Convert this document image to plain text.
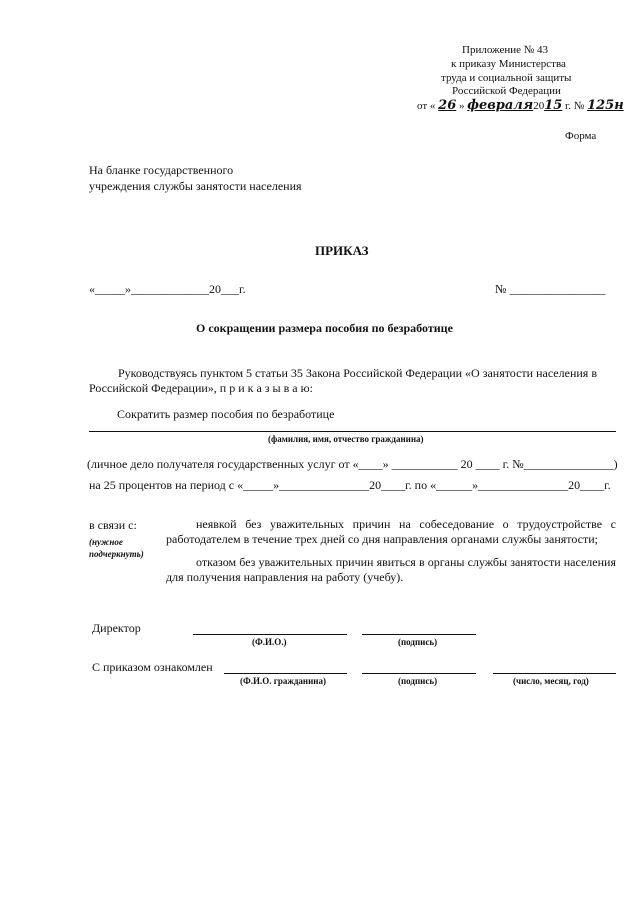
Приложение № 43
к приказу Министерства
труда и социальной защиты
Российской Федерации
от « 26 » февраля2015 г. № 125н
Форма
На бланке государственного
учреждения службы занятости населения
ПРИКАЗ
«_____»_____________20___г.	№ ________________
О сокращении размера пособия по безработице
Руководствуясь пунктом 5 статьи 35 Закона Российской Федерации «О занятости населения в
Российской Федерации», п р и к а з ы в а ю:
Сократить размер пособия по безработице
(фамилия, имя, отчество гражданина)
(личное дело получателя государственных услуг от «____» ___________ 20 ____ г. №_______________)
на 25 процентов на период с «_____»_______________20____г. по «______»_______________20____г.
в связи с:
(нужное
подчеркнуть)
неявкой без уважительных причин на собеседование о трудоустройстве с работодателем в течение трех дней со дня направления органами службы занятости;
отказом без уважительных причин явиться в органы службы занятости населения для получения направления на работу (учебу).
Директор
(Ф.И.О.)	(подпись)
С приказом ознакомлен
(Ф.И.О. гражданина)	(подпись)	(число, месяц, год)
